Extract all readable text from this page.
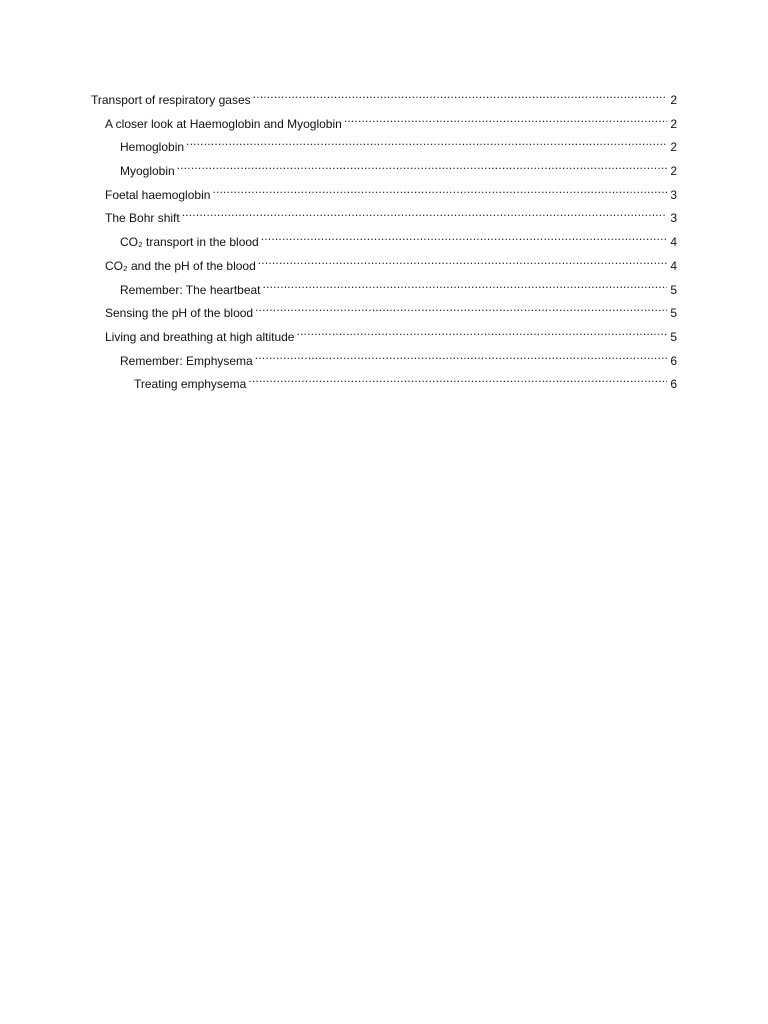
Transport of respiratory gases .....	2
A closer look at Haemoglobin and Myoglobin .....	2
Hemoglobin .....	2
Myoglobin .....	2
Foetal haemoglobin .....	3
The Bohr shift .....	3
CO₂ transport in the blood .....	4
CO₂ and the pH of the blood .....	4
Remember: The heartbeat .....	5
Sensing the pH of the blood .....	5
Living and breathing at high altitude .....	5
Remember: Emphysema .....	6
Treating emphysema .....	6
